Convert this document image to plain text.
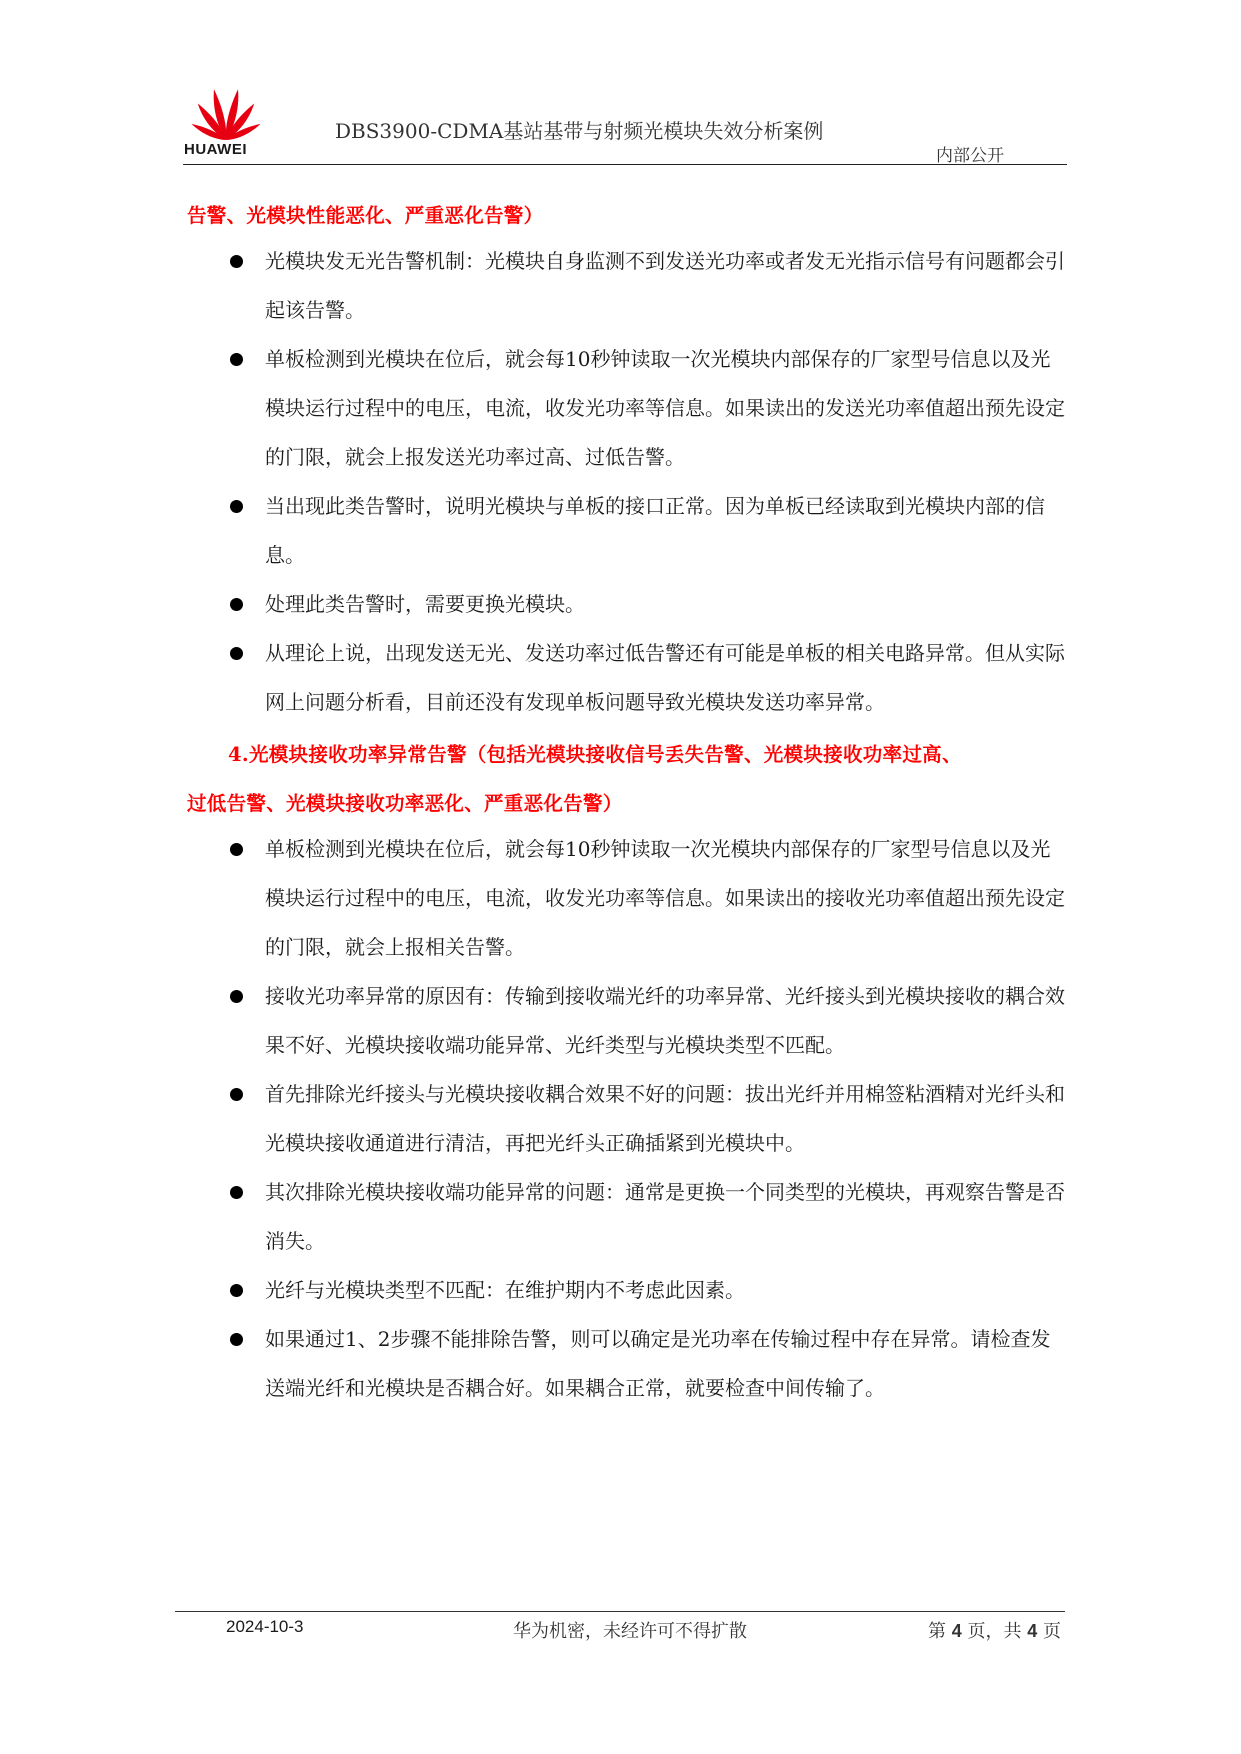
HUAWEI
DBS3900-CDMA基站基带与射频光模块失效分析案例
内部公开
告警、光模块性能恶化、严重恶化告警）
光模块发无光告警机制：光模块自身监测不到发送光功率或者发无光指示信号有问题都会引起该告警。
单板检测到光模块在位后，就会每10秒钟读取一次光模块内部保存的厂家型号信息以及光模块运行过程中的电压，电流，收发光功率等信息。如果读出的发送光功率值超出预先设定的门限，就会上报发送光功率过高、过低告警。
当出现此类告警时，说明光模块与单板的接口正常。因为单板已经读取到光模块内部的信息。
处理此类告警时，需要更换光模块。
从理论上说，出现发送无光、发送功率过低告警还有可能是单板的相关电路异常。但从实际网上问题分析看，目前还没有发现单板问题导致光模块发送功率异常。
4.光模块接收功率异常告警（包括光模块接收信号丢失告警、光模块接收功率过高、
过低告警、光模块接收功率恶化、严重恶化告警）
单板检测到光模块在位后，就会每10秒钟读取一次光模块内部保存的厂家型号信息以及光模块运行过程中的电压，电流，收发光功率等信息。如果读出的接收光功率值超出预先设定的门限，就会上报相关告警。
接收光功率异常的原因有：传输到接收端光纤的功率异常、光纤接头到光模块接收的耦合效果不好、光模块接收端功能异常、光纤类型与光模块类型不匹配。
首先排除光纤接头与光模块接收耦合效果不好的问题：拔出光纤并用棉签粘酒精对光纤头和光模块接收通道进行清洁，再把光纤头正确插紧到光模块中。
其次排除光模块接收端功能异常的问题：通常是更换一个同类型的光模块，再观察告警是否消失。
光纤与光模块类型不匹配：在维护期内不考虑此因素。
如果通过1、2步骤不能排除告警，则可以确定是光功率在传输过程中存在异常。请检查发送端光纤和光模块是否耦合好。如果耦合正常，就要检查中间传输了。
2024-10-3	华为机密，未经许可不得扩散	第 4 页，共 4 页
